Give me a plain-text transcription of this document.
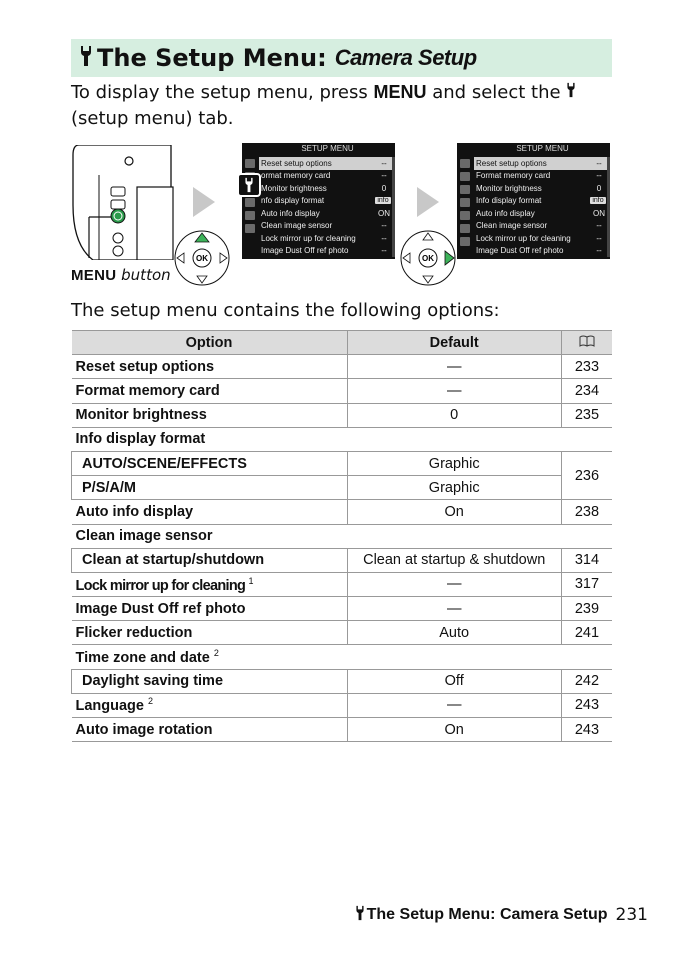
The Setup Menu: Camera Setup
To display the setup menu, press MENU and select the  (setup menu) tab.
MENU button
OK	OK
SETUP MENU
Reset setup options	--
ormat memory card	--
Monitor brightness	0
nfo display format	info
Auto info display	ON
Clean image sensor	--
Lock mirror up for cleaning	--
Image Dust Off ref photo	--
SETUP MENU
Reset setup options	--
Format memory card	--
Monitor brightness	0
Info display format	info
Auto info display	ON
Clean image sensor	--
Lock mirror up for cleaning	--
Image Dust Off ref photo	--
The setup menu contains the following options:
Option	Default	
Reset setup options	—	233
Format memory card	—	234
Monitor brightness	0	235
Info display format		
AUTO/SCENE/EFFECTS	Graphic	236
P/S/A/M	Graphic	
Auto info display	On	238
Clean image sensor		
Clean at startup/shutdown	Clean at startup & shutdown	314
Lock mirror up for cleaning $^1$	—	317
Image Dust Off ref photo	—	239
Flicker reduction	Auto	241
Time zone and date $^2$
Daylight saving time	Off	242
Language $^2$	—	243
Auto image rotation	On	243
The Setup Menu: Camera Setup 231
